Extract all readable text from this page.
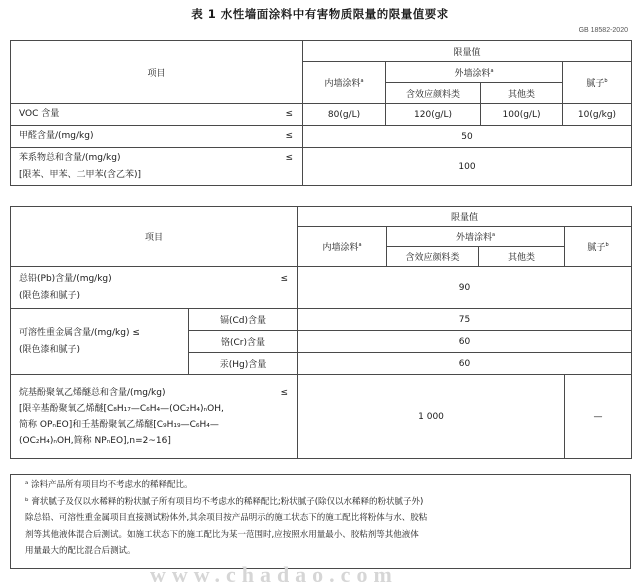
表 1 水性墙面涂料中有害物质限量的限量值要求
GB 18582-2020
项目	限量值			
	内墙涂料$^a$	外墙涂料$^a$		腻子$^b$
		含效应颜料类	其他类	
VOC 含量 ≤	80(g/L)	120(g/L)	100(g/L)	10(g/kg)
甲醛含量/(mg/kg) ≤	50			
苯系物总和含量/(mg/kg) ≤

[限苯、甲苯、二甲苯(含乙苯)]	100			
项目		限量值			
		内墙涂料$^a$	外墙涂料$^a$		腻子$^b$
			含效应颜料类	其他类	
总铅(Pb)含量/(mg/kg) ≤

(限色漆和腻子)		90			
可溶性重金属含量/(mg/kg) ≤
(限色漆和腻子)	镉(Cd)含量	75			
	铬(Cr)含量	60			
	汞(Hg)含量	60			
烷基酚聚氧乙烯醚总和含量/(mg/kg) ≤

[限辛基酚聚氧乙烯醚[C₈H₁₇—C₆H₄—(OC₂H₄)ₙOH,
简称 OPₙEO]和壬基酚聚氧乙烯醚[C₉H₁₉—C₆H₄—
(OC₂H₄)ₙOH,简称 NPₙEO],n=2~16]		1 000			—

ᵃ 涂料产品所有项目均不考虑水的稀释配比。

ᵇ 膏状腻子及仅以水稀释的粉状腻子所有项目均不考虑水的稀释配比;粉状腻子(除仅以水稀释的粉状腻子外)

除总铅、可溶性重金属项目直接测试粉体外,其余项目按产品明示的施工状态下的施工配比将粉体与水、胶粘

剂等其他液体混合后测试。如施工状态下的施工配比为某一范围时,应按照水用量最小、胶粘剂等其他液体

用量最大的配比混合后测试。

www.chadao.com
